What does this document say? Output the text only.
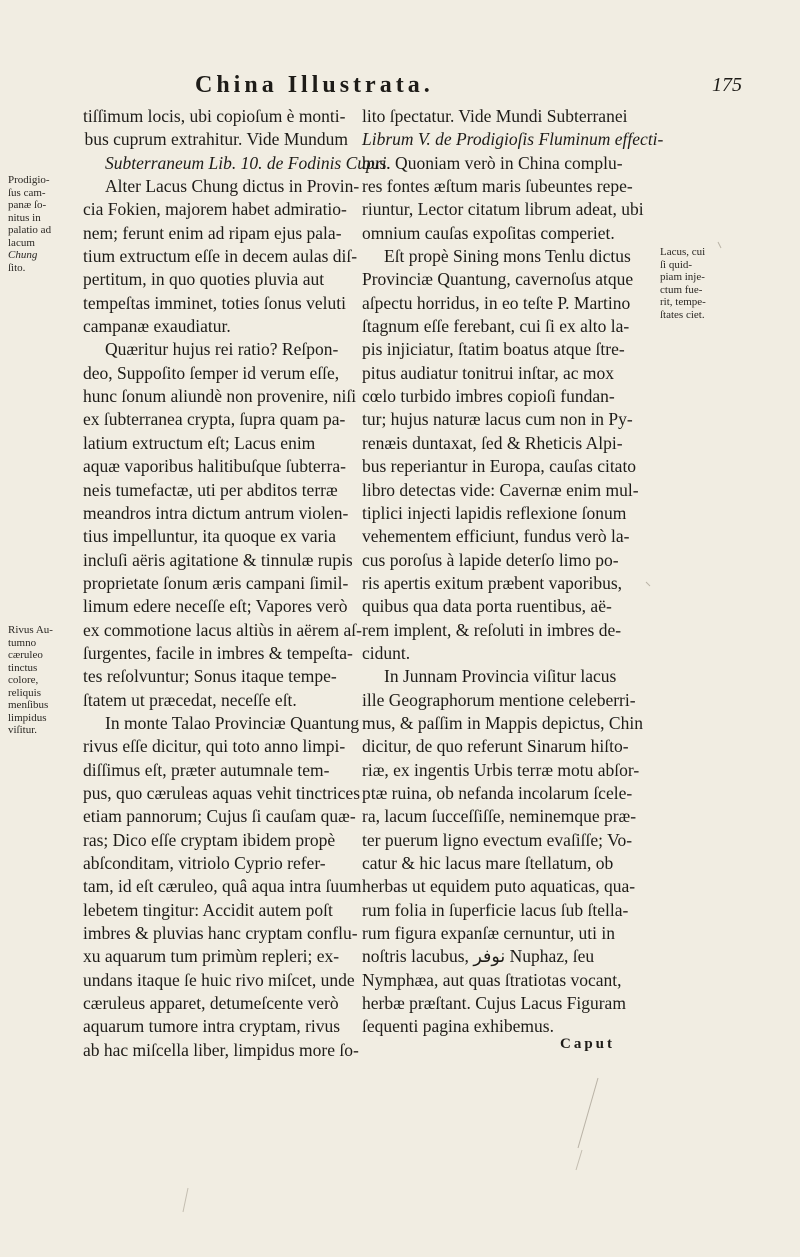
China Illustrata.	175
Prodigio-
ſus cam-
panæ ſo-
nitus in
palatio ad
lacum
Chung
ſito.
Rivus Au-
tumno
cæruleo
tinctus
colore,
reliquis
menſibus
limpidus
viſitur.
Lacus, cui
ſi quid-
piam inje-
ctum fue-
rit, tempe-
ſtates ciet.
tiſſimum locis, ubi copioſum è monti-
bus cuprum extrahitur. Vide Mundum
Subterraneum Lib. 10. de Fodinis Cupri.
Alter Lacus Chung dictus in Provin-
cia Fokien, majorem habet admiratio-
nem; ferunt enim ad ripam ejus pala-
tium extructum eſſe in decem aulas diſ-
pertitum, in quo quoties pluvia aut
tempeſtas imminet, toties ſonus veluti
campanæ exaudiatur.
Quæritur hujus rei ratio? Reſpon-
deo, Suppoſito ſemper id verum eſſe,
hunc ſonum aliundè non provenire, niſi
ex ſubterranea crypta, ſupra quam pa-
latium extructum eſt; Lacus enim
aquæ vaporibus halitibuſque ſubterra-
neis tumefactæ, uti per abditos terræ
meandros intra dictum antrum violen-
tius impelluntur, ita quoque ex varia
incluſi aëris agitatione & tinnulæ rupis
proprietate ſonum æris campani ſimil-
limum edere neceſſe eſt; Vapores verò
ex commotione lacus altiùs in aërem aſ-
ſurgentes, facile in imbres & tempeſta-
tes reſolvuntur; Sonus itaque tempe-
ſtatem ut præcedat, neceſſe eſt.
In monte Talao Provinciæ Quantung
rivus eſſe dicitur, qui toto anno limpi-
diſſimus eſt, præter autumnale tem-
pus, quo cæruleas aquas vehit tinctrices
etiam pannorum; Cujus ſi cauſam quæ-
ras; Dico eſſe cryptam ibidem propè
abſconditam, vitriolo Cyprio refer-
tam, id eſt cæruleo, quâ aqua intra ſuum
lebetem tingitur: Accidit autem poſt
imbres & pluvias hanc cryptam conflu-
xu aquarum tum primùm repleri; ex-
undans itaque ſe huic rivo miſcet, unde
cæruleus apparet, detumeſcente verò
aquarum tumore intra cryptam, rivus
ab hac miſcella liber, limpidus more ſo-
lito ſpectatur. Vide Mundi Subterranei
Librum V. de Prodigioſis Fluminum effecti-
bus. Quoniam verò in China complu-
res fontes æſtum maris ſubeuntes repe-
riuntur, Lector citatum librum adeat, ubi
omnium cauſas expoſitas comperiet.
Eſt propè Sining mons Tenlu dictus
Provinciæ Quantung, cavernoſus atque
aſpectu horridus, in eo teſte P. Martino
ſtagnum eſſe ferebant, cui ſi ex alto la-
pis injiciatur, ſtatim boatus atque ſtre-
pitus audiatur tonitrui inſtar, ac mox
cœlo turbido imbres copioſi fundan-
tur; hujus naturæ lacus cum non in Py-
renæis duntaxat, ſed & Rheticis Alpi-
bus reperiantur in Europa, cauſas citato
libro detectas vide: Cavernæ enim mul-
tiplici injecti lapidis reflexione ſonum
vehementem efficiunt, fundus verò la-
cus poroſus à lapide deterſo limo po-
ris apertis exitum præbent vaporibus,
quibus qua data porta ruentibus, aë-
rem implent, & reſoluti in imbres de-
cidunt.
In Junnam Provincia viſitur lacus
ille Geographorum mentione celeberri-
mus, & paſſim in Mappis depictus, Chin
dicitur, de quo referunt Sinarum hiſto-
riæ, ex ingentis Urbis terræ motu abſor-
ptæ ruina, ob nefanda incolarum ſcele-
ra, lacum ſucceſſiſſe, neminemque præ-
ter puerum ligno evectum evaſiſſe; Vo-
catur & hic lacus mare ſtellatum, ob
herbas ut equidem puto aquaticas, qua-
rum folia in ſuperficie lacus ſub ſtella-
rum figura expanſæ cernuntur, uti in
noſtris lacubus, نوفر Nuphaz, ſeu
Nymphæa, aut quas ſtratiotas vocant,
herbæ præſtant. Cujus Lacus Figuram
ſequenti pagina exhibemus.
Caput
